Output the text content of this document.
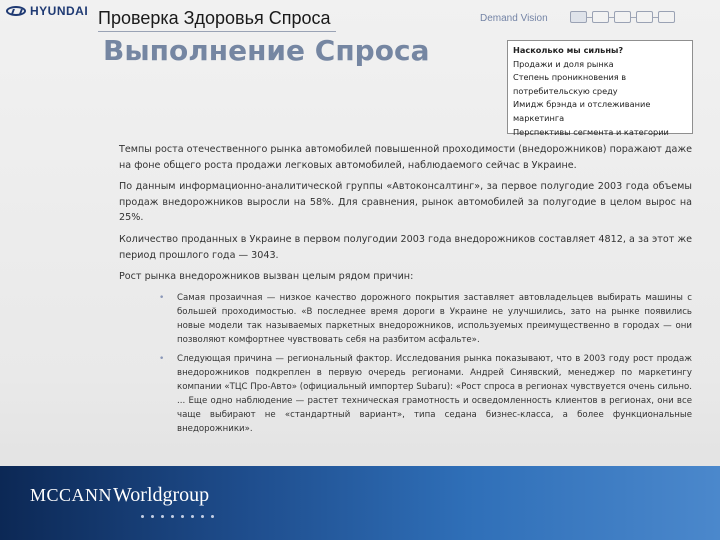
HYUNDAI Проверка Здоровья Спроса
Выполнение Спроса
Demand Vision
Насколько мы сильны?
Продажи и доля рынка
Степень проникновения в потребительскую среду
Имидж брэнда и отслеживание маркетинга
Перспективы сегмента и категории

Темпы роста отечественного рынка автомобилей повышенной проходимости (внедорожников) поражают даже на фоне общего роста продажи легковых автомобилей, наблюдаемого сейчас в Украине.

По данным информационно-аналитической группы «Автоконсалтинг», за первое полугодие 2003 года объемы продаж внедорожников выросли на 58%. Для сравнения, рынок автомобилей за полугодие в целом вырос на 25%.

Количество проданных в Украине в первом полугодии 2003 года внедорожников составляет 4812, а за этот же период прошлого года — 3043.

Рост рынка внедорожников вызван целым рядом причин:

• Самая прозаичная — низкое качество дорожного покрытия заставляет автовладельцев выбирать машины с большей проходимостью. «В последнее время дороги в Украине не улучшились, зато на рынке появились новые модели так называемых паркетных внедорожников, используемых преимущественно в городах — они позволяют комфортнее чувствовать себя на разбитом асфальте».
• Следующая причина — региональный фактор. Исследования рынка показывают, что в 2003 году рост продаж внедорожников подкреплен в первую очередь регионами. Андрей Синявский, менеджер по маркетингу компании «ТЦС Про-Авто» (официальный импортер Subaru): «Рост спроса в регионах чувствуется очень сильно. ... Еще одно наблюдение — растет техническая грамотность и осведомленность клиентов в регионах, они все чаще выбирают не «стандартный вариант», типа седана бизнес-класса, а более функциональные внедорожники».
MCCANN Worldgroup
